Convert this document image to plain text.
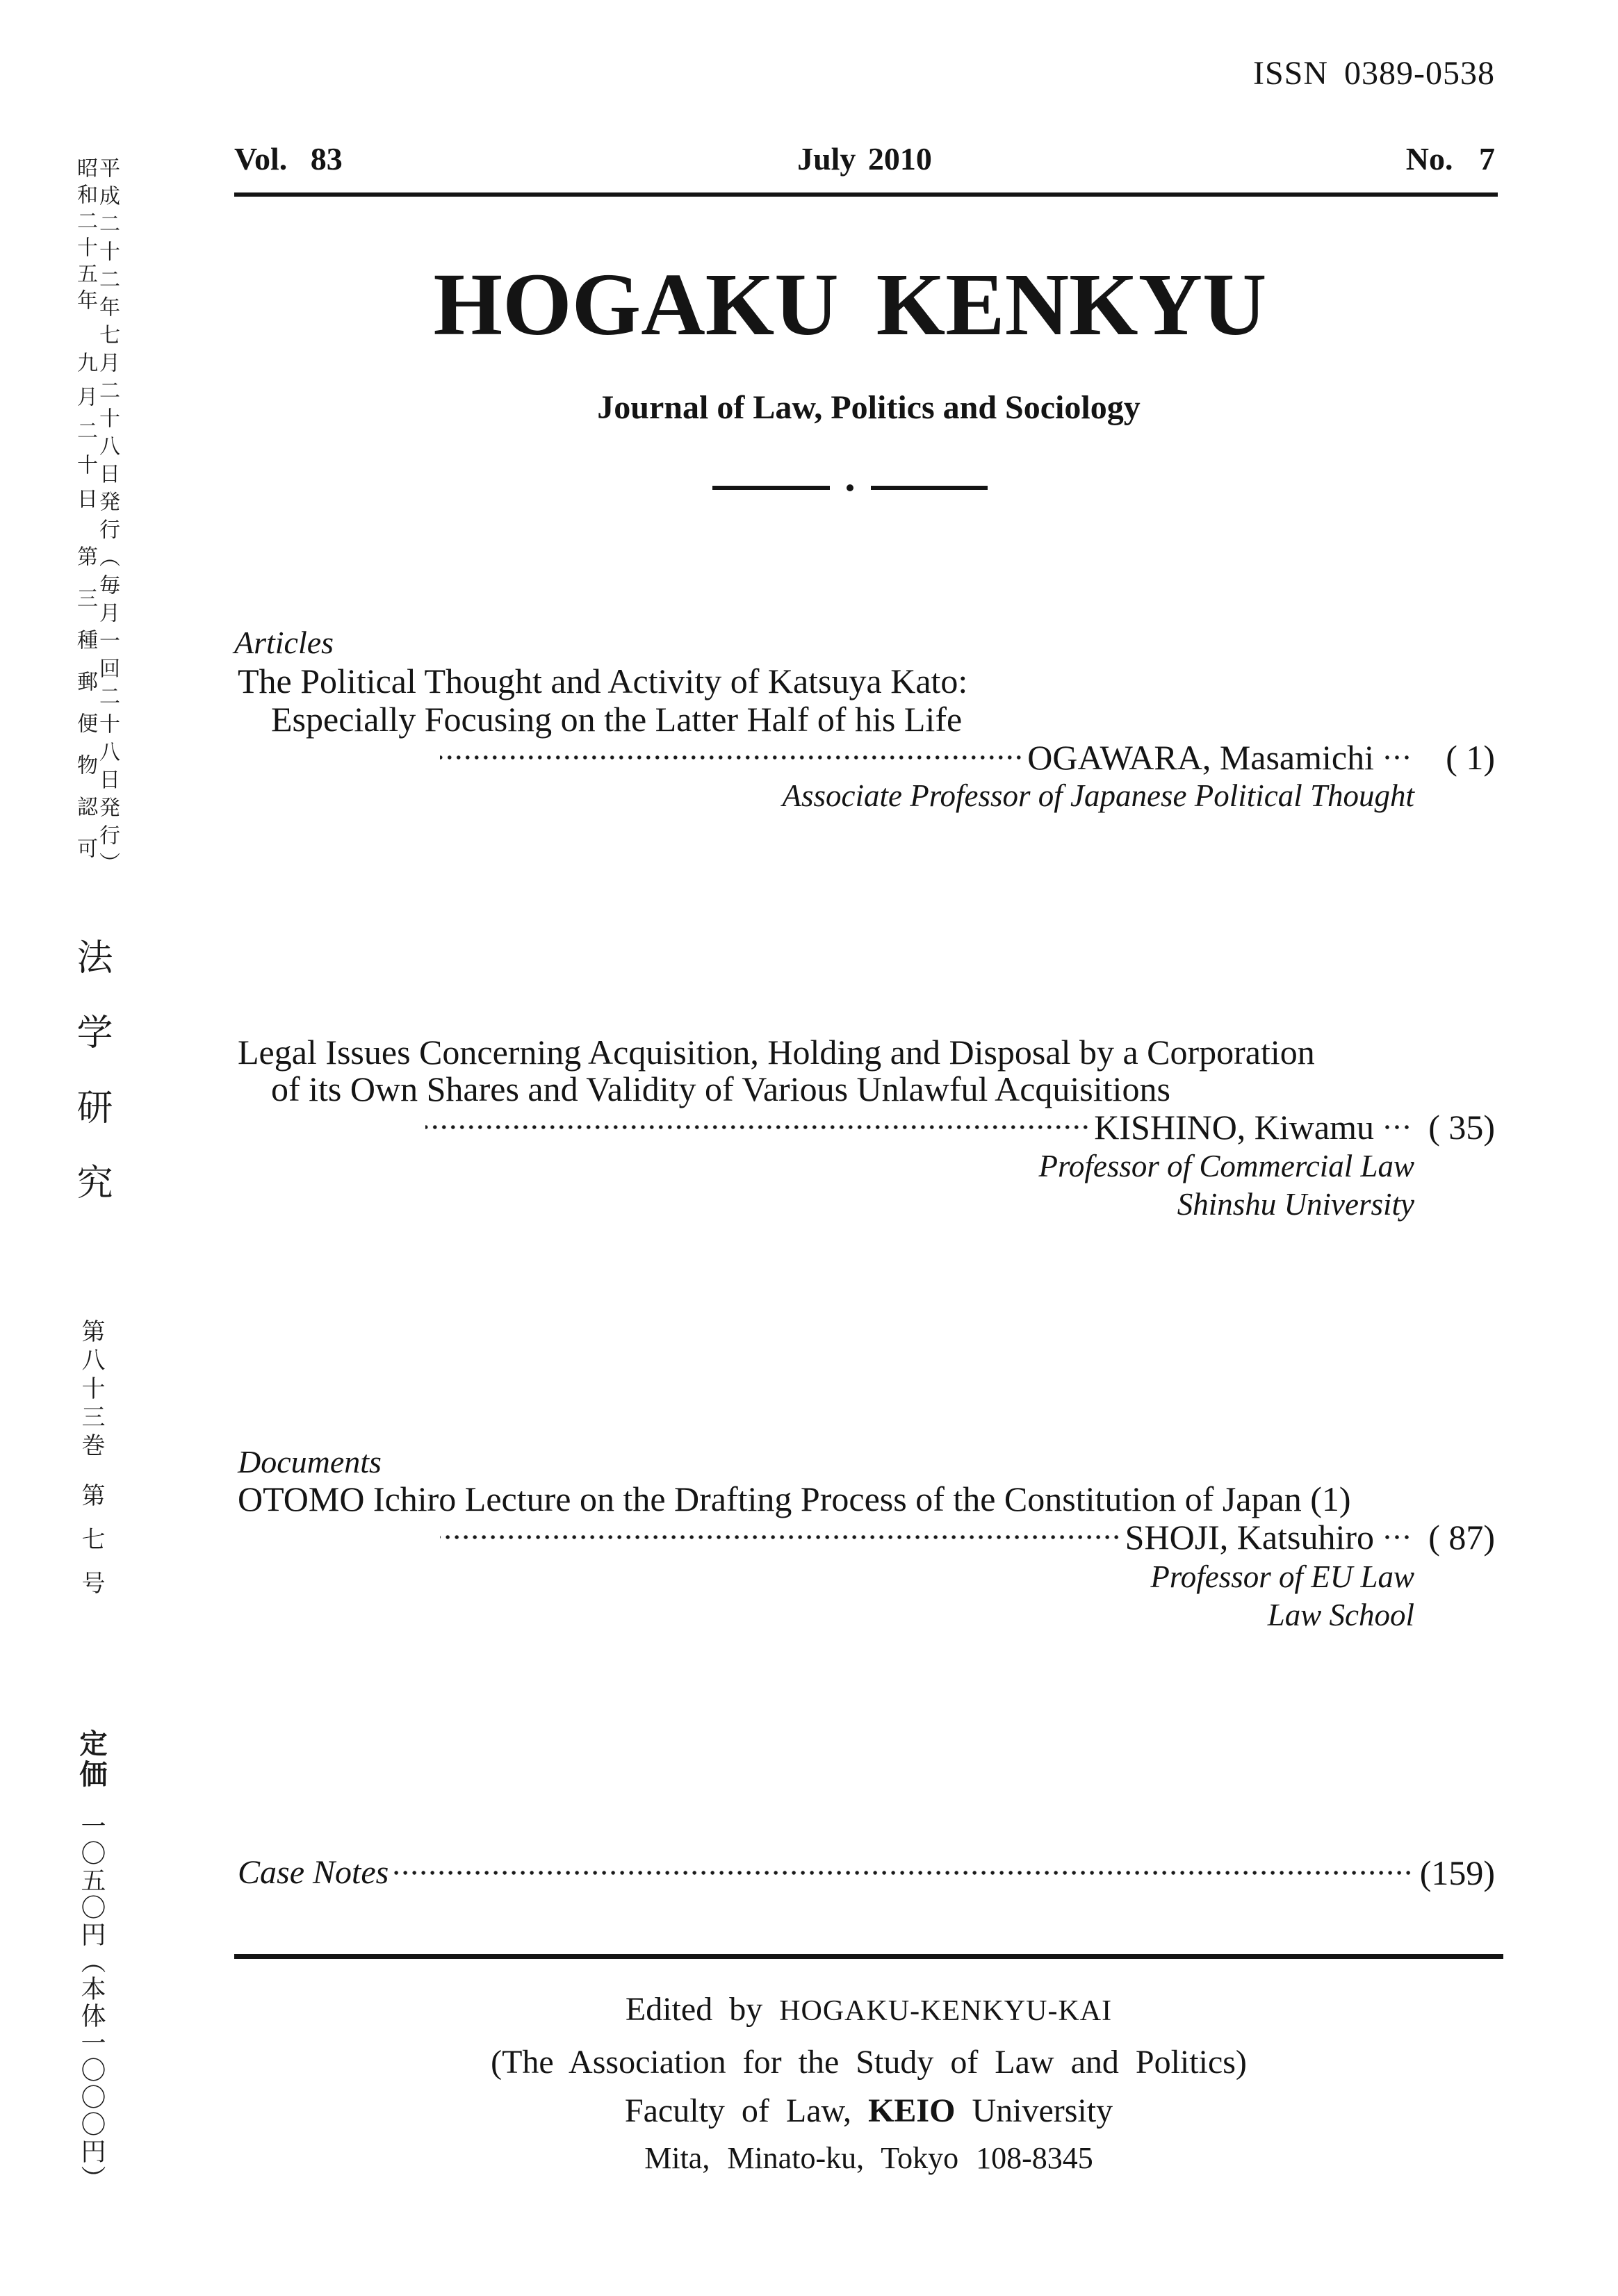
平成二十二年七月二十八日発行（毎月一回二十八日発行）
昭和二十五年
九月二十日
第三種郵便物認可
法学研究
第八十三巻
第七号
定価
一〇五〇円（本体一〇〇〇円）
ISSN 0389-0538
Vol. 83	July 2010	No. 7
HOGAKU KENKYU
Journal of Law, Politics and Sociology
Articles
The Political Thought and Activity of Katsuya Kato:
Especially Focusing on the Latter Half of his Life
OGAWARA, Masamichi	( 1)
Associate Professor of Japanese Political Thought
Legal Issues Concerning Acquisition, Holding and Disposal by a Corporation
of its Own Shares and Validity of Various Unlawful Acquisitions
KISHINO, Kiwamu	( 35)
Professor of Commercial Law
Shinshu University
Documents
OTOMO Ichiro Lecture on the Drafting Process of the Constitution of Japan (1)
SHOJI, Katsuhiro	( 87)
Professor of EU Law
Law School
Case Notes	(159)
Edited by HOGAKU-KENKYU-KAI
(The Association for the Study of Law and Politics)
Faculty of Law, KEIO University
Mita, Minato-ku, Tokyo 108-8345
